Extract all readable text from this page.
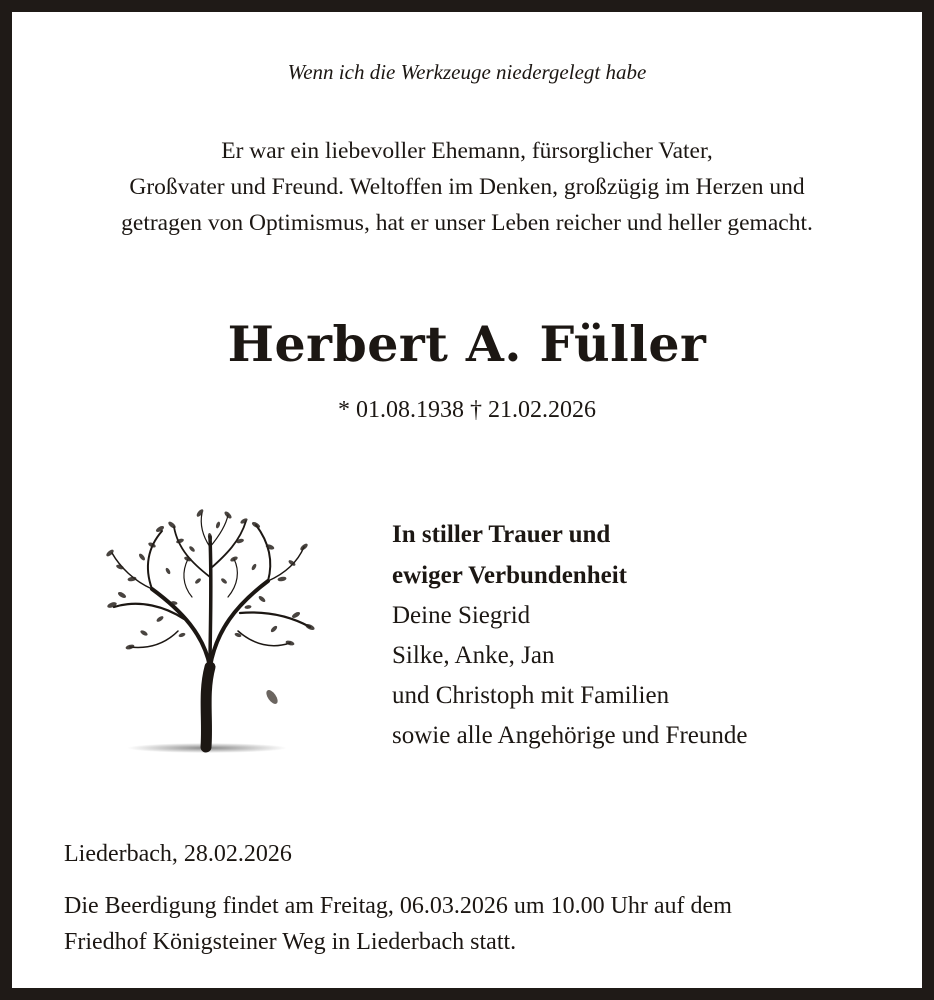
Wenn ich die Werkzeuge niedergelegt habe
Er war ein liebevoller Ehemann, fürsorglicher Vater,
Großvater und Freund. Weltoffen im Denken, großzügig im Herzen und
getragen von Optimismus, hat er unser Leben reicher und heller gemacht.
Herbert A. Füller
* 01.08.1938 † 21.02.2026
In stiller Trauer und
ewiger Verbundenheit
Deine Siegrid
Silke, Anke, Jan
und Christoph mit Familien
sowie alle Angehörige und Freunde
Liederbach, 28.02.2026
Die Beerdigung findet am Freitag, 06.03.2026 um 10.00 Uhr auf dem
Friedhof Königsteiner Weg in Liederbach statt.
